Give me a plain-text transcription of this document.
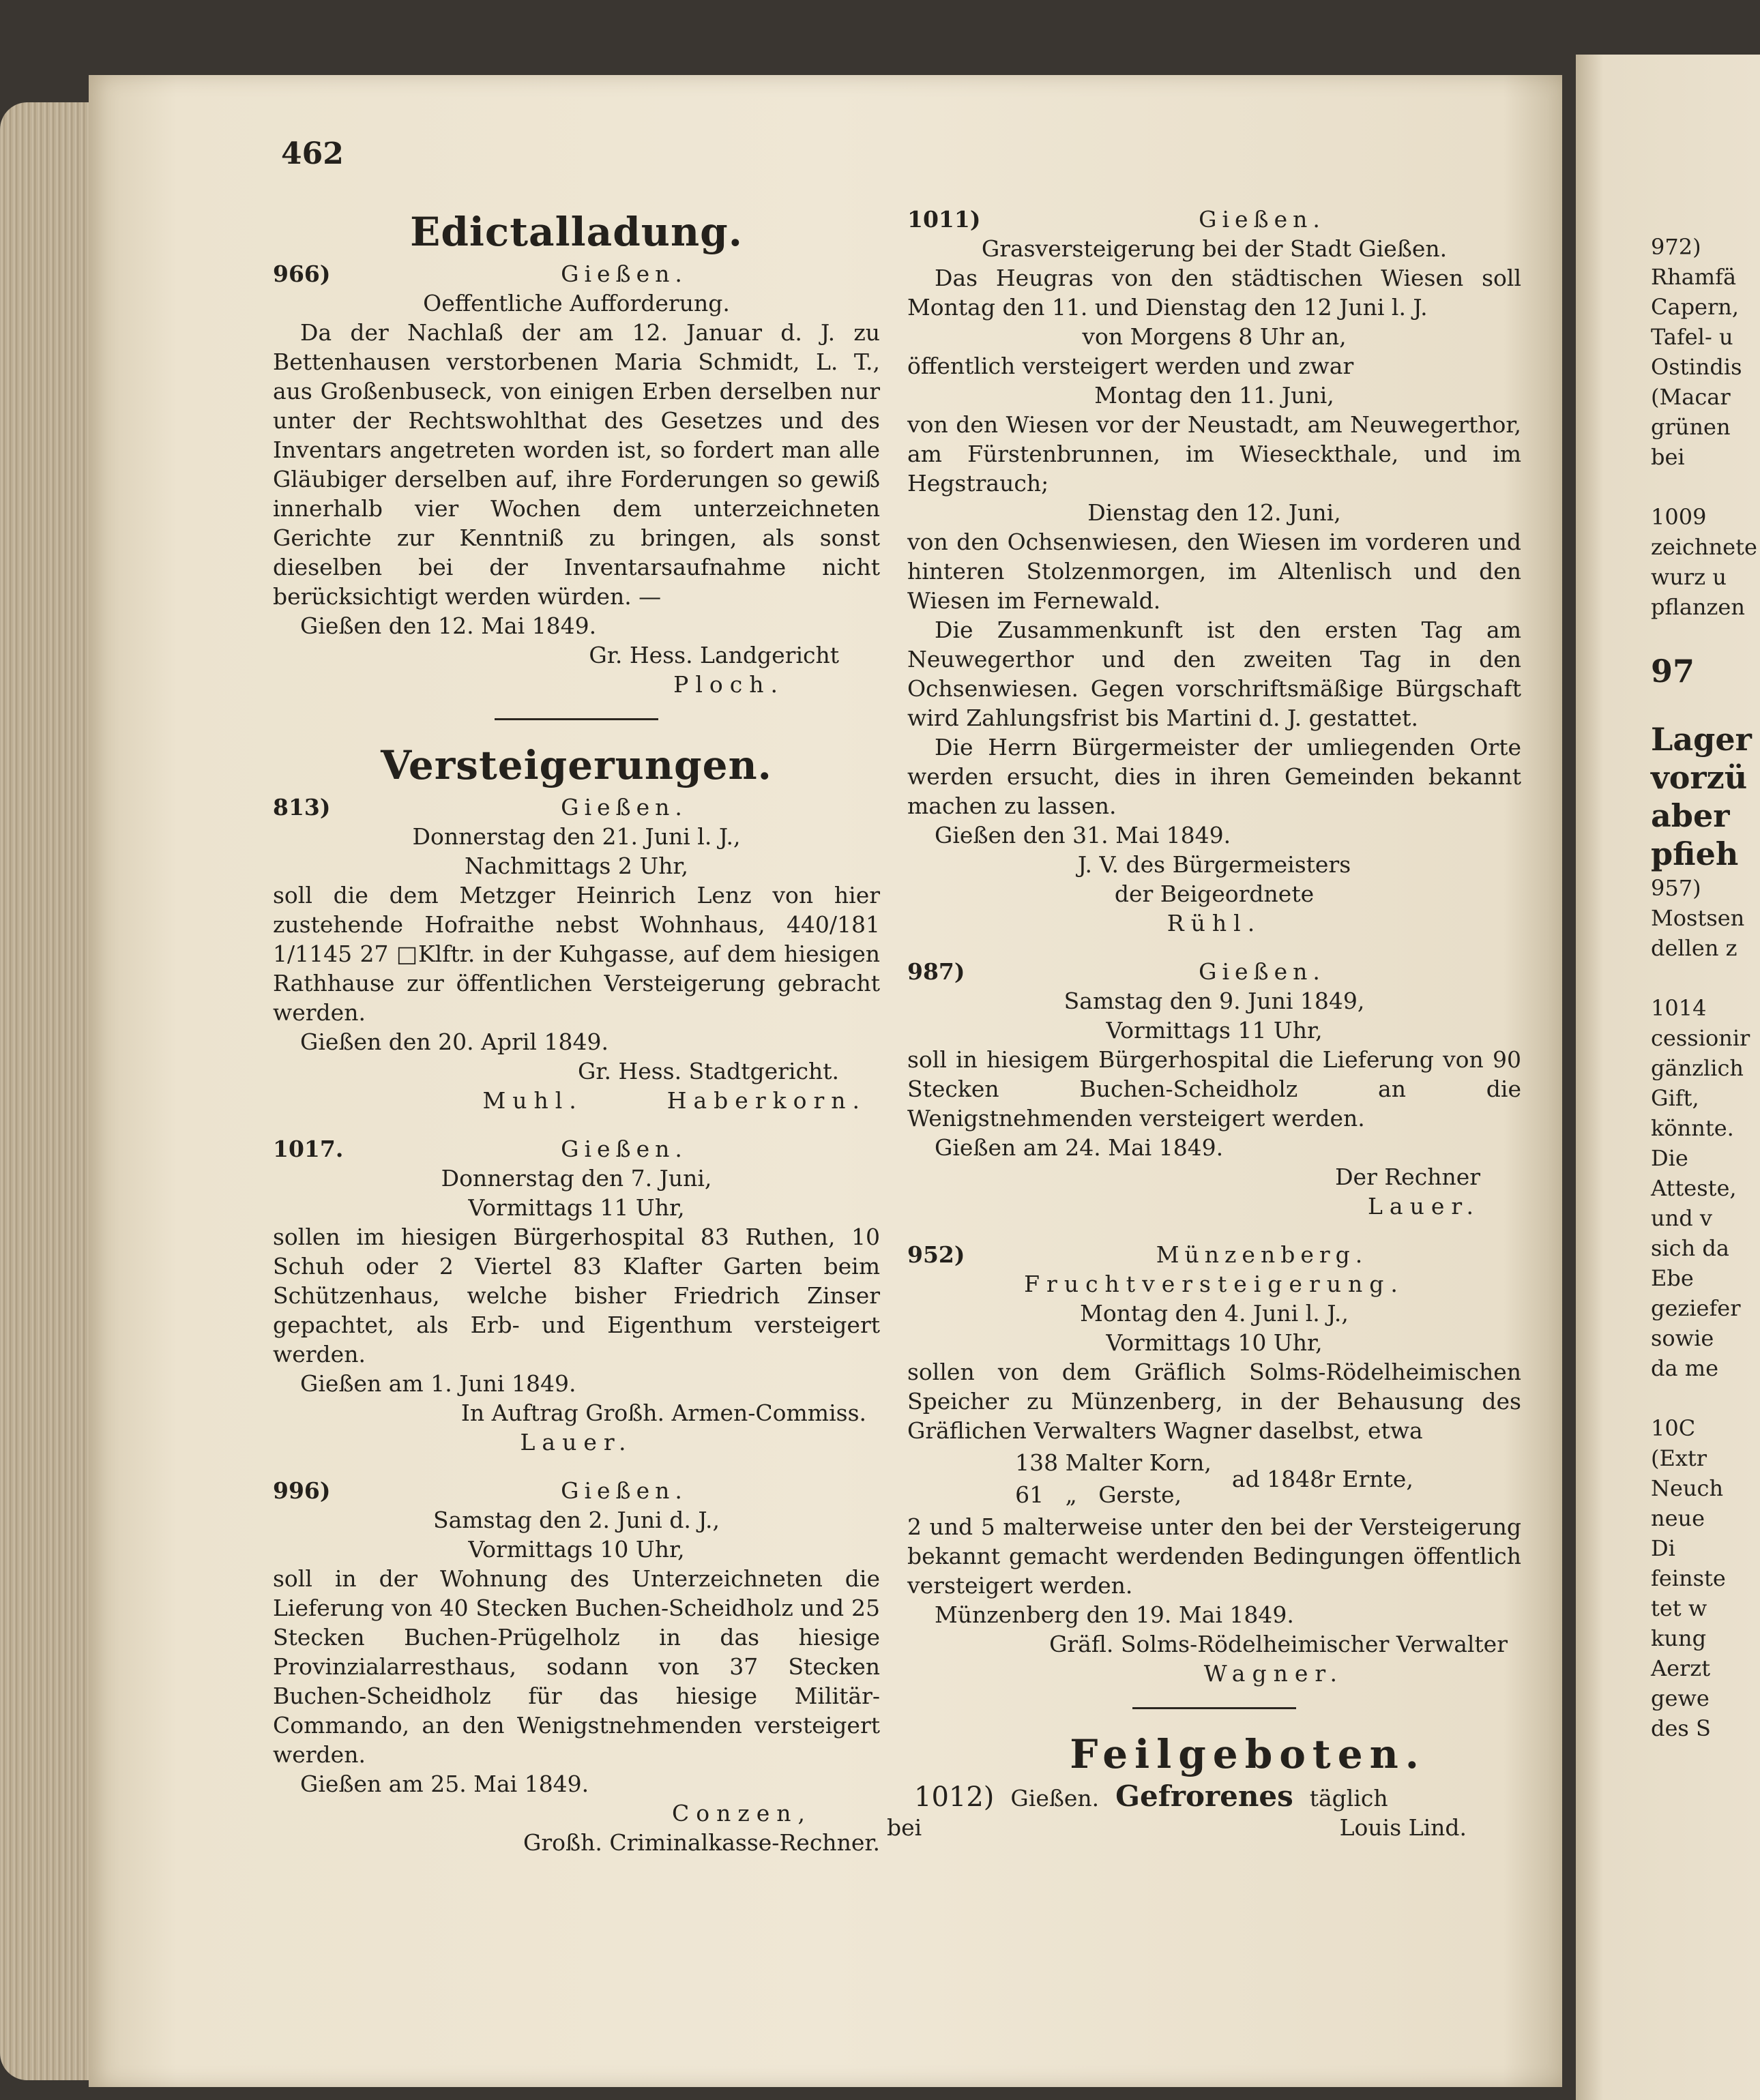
462
Edictalladung.
966)	Gießen.
Oeffentliche Aufforderung.
Da der Nachlaß der am 12. Januar d. J. zu Bettenhausen verstorbenen Maria Schmidt, L. T., aus Großenbuseck, von einigen Erben derselben nur unter der Rechtswohlthat des Gesetzes und des Inventars angetreten worden ist, so fordert man alle Gläubiger derselben auf, ihre Forderungen so gewiß innerhalb vier Wochen dem unterzeichneten Gerichte zur Kenntniß zu bringen, als sonst dieselben bei der Inventarsaufnahme nicht berücksichtigt werden würden. —
Gießen den 12. Mai 1849.
Gr. Hess. Landgericht
Ploch.
Versteigerungen.
813)	Gießen.
Donnerstag den 21. Juni l. J.,
Nachmittags 2 Uhr,
soll die dem Metzger Heinrich Lenz von hier zustehende Hofraithe nebst Wohnhaus, 440/181 1/1145 27 □Klftr. in der Kuhgasse, auf dem hiesigen Rathhause zur öffentlichen Versteigerung gebracht werden.
Gießen den 20. April 1849.
Gr. Hess. Stadtgericht.
Muhl.      Haberkorn.
1017.	Gießen.
Donnerstag den 7. Juni,
Vormittags 11 Uhr,
sollen im hiesigen Bürgerhospital 83 Ruthen, 10 Schuh oder 2 Viertel 83 Klafter Garten beim Schützenhaus, welche bisher Friedrich Zinser gepachtet, als Erb- und Eigenthum versteigert werden.
Gießen am 1. Juni 1849.
In Auftrag Großh. Armen-Commiss.
Lauer.
996)	Gießen.
Samstag den 2. Juni d. J.,
Vormittags 10 Uhr,
soll in der Wohnung des Unterzeichneten die Lieferung von 40 Stecken Buchen-Scheidholz und 25 Stecken Buchen-Prügelholz in das hiesige Provinzialarresthaus, sodann von 37 Stecken Buchen-Scheidholz für das hiesige Militär-Commando, an den Wenigstnehmenden versteigert werden.
Gießen am 25. Mai 1849.
Conzen,
Großh. Criminalkasse-Rechner.
1011)	Gießen.
Grasversteigerung bei der Stadt Gießen.
Das Heugras von den städtischen Wiesen soll Montag den 11. und Dienstag den 12 Juni l. J.
von Morgens 8 Uhr an,
öffentlich versteigert werden und zwar
Montag den 11. Juni,
von den Wiesen vor der Neustadt, am Neuwegerthor, am Fürstenbrunnen, im Wieseckthale, und im Hegstrauch;
Dienstag den 12. Juni,
von den Ochsenwiesen, den Wiesen im vorderen und hinteren Stolzenmorgen, im Altenlisch und den Wiesen im Fernewald.
Die Zusammenkunft ist den ersten Tag am Neuwegerthor und den zweiten Tag in den Ochsenwiesen. Gegen vorschriftsmäßige Bürgschaft wird Zahlungsfrist bis Martini d. J. gestattet.
Die Herrn Bürgermeister der umliegenden Orte werden ersucht, dies in ihren Gemeinden bekannt machen zu lassen.
Gießen den 31. Mai 1849.
J. V. des Bürgermeisters
der Beigeordnete
Rühl.
987)	Gießen.
Samstag den 9. Juni 1849,
Vormittags 11 Uhr,
soll in hiesigem Bürgerhospital die Lieferung von 90 Stecken Buchen-Scheidholz an die Wenigstnehmenden versteigert werden.
Gießen am 24. Mai 1849.
Der Rechner
Lauer.
952)	Münzenberg.
Fruchtversteigerung.
Montag den 4. Juni l. J.,
Vormittags 10 Uhr,
sollen von dem Gräflich Solms-Rödelheimischen Speicher zu Münzenberg, in der Behausung des Gräflichen Verwalters Wagner daselbst, etwa
138 Malter Korn,
61   „   Gerste,
ad 1848r Ernte,
2 und 5 malterweise unter den bei der Versteigerung bekannt gemacht werdenden Bedingungen öffentlich versteigert werden.
Münzenberg den 19. Mai 1849.
Gräfl. Solms-Rödelheimischer Verwalter
Wagner.
Feilgeboten.
1012) Gießen. Gefrorenes täglich
bei	Louis Lind.
972)
Rhamfä
Capern,
Tafel- u
Ostindis
(Macar
grünen
bei

1009
zeichnete
wurz u
pflanzen

97

Lager
vorzü
aber
pfieh
957)
Mostsen
dellen z

1014
cessionir
gänzlich
Gift,
könnte.
Die
Atteste,
und v
sich da
Ebe
geziefer
sowie
da me

10C
(Extr
Neuch
neue
Di
feinste
tet w
kung
Aerzt
gewe
des S
